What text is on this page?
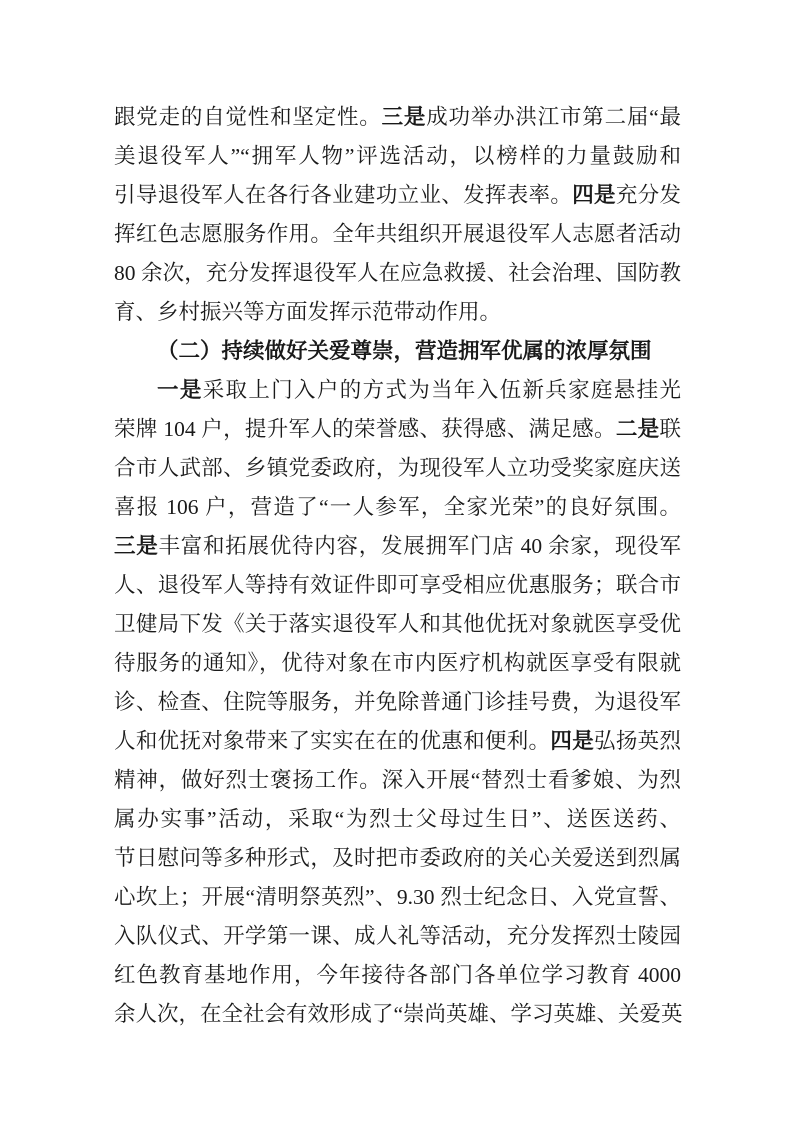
跟党走的自觉性和坚定性。三是成功举办洪江市第二届“最
美退役军人”“拥军人物”评选活动，以榜样的力量鼓励和
引导退役军人在各行各业建功立业、发挥表率。四是充分发
挥红色志愿服务作用。全年共组织开展退役军人志愿者活动
80 余次，充分发挥退役军人在应急救援、社会治理、国防教
育、乡村振兴等方面发挥示范带动作用。
（二）持续做好关爱尊崇，营造拥军优属的浓厚氛围
一是采取上门入户的方式为当年入伍新兵家庭悬挂光
荣牌 104 户，提升军人的荣誉感、获得感、满足感。二是联
合市人武部、乡镇党委政府，为现役军人立功受奖家庭庆送
喜报 106 户，营造了“一人参军，全家光荣”的良好氛围。
三是丰富和拓展优待内容，发展拥军门店 40 余家，现役军
人、退役军人等持有效证件即可享受相应优惠服务；联合市
卫健局下发《关于落实退役军人和其他优抚对象就医享受优
待服务的通知》，优待对象在市内医疗机构就医享受有限就
诊、检查、住院等服务，并免除普通门诊挂号费，为退役军
人和优抚对象带来了实实在在的优惠和便利。四是弘扬英烈
精神，做好烈士褒扬工作。深入开展“替烈士看爹娘、为烈
属办实事”活动，采取“为烈士父母过生日”、送医送药、
节日慰问等多种形式，及时把市委政府的关心关爱送到烈属
心坎上；开展“清明祭英烈”、9.30 烈士纪念日、入党宣誓、
入队仪式、开学第一课、成人礼等活动，充分发挥烈士陵园
红色教育基地作用，今年接待各部门各单位学习教育 4000
余人次，在全社会有效形成了“崇尚英雄、学习英雄、关爱英
